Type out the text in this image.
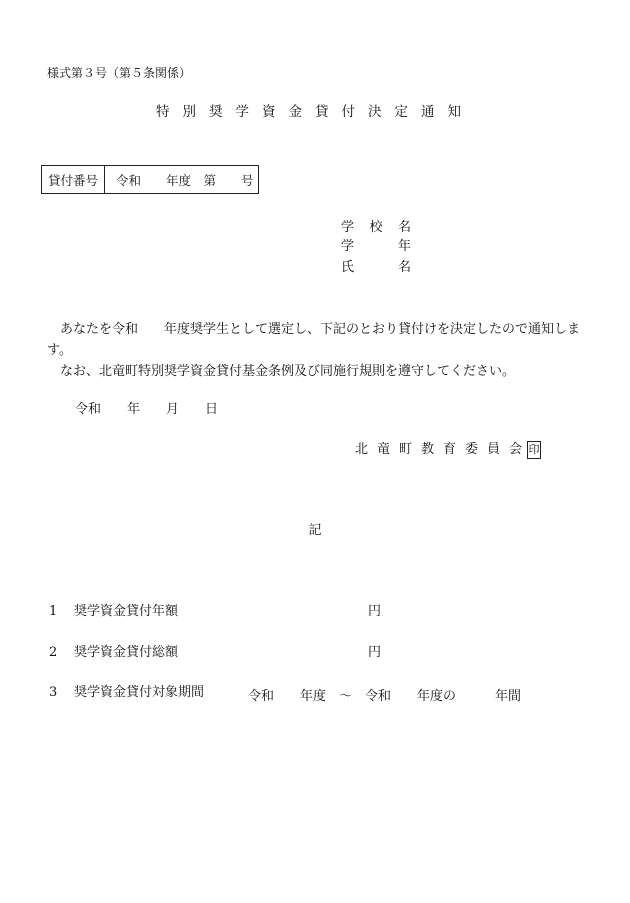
様式第３号（第５条関係）
特別奨学資金貸付決定通知
貸付番号	令和　　年度　第　　号
学 校 名
学	年
氏	名

あなたを令和　　年度奨学生として選定し、下記のとおり貸付けを決定したので通知します。

なお、北竜町特別奨学資金貸付基金条例及び同施行規則を遵守してください。

令和　　年　　月　　日
北竜町教育委員会
印
記
1 奨学資金貸付年額	円
2 奨学資金貸付総額	円
3 奨学資金貸付対象期間	令和　　年度　～　令和　　年度の　　　年間
